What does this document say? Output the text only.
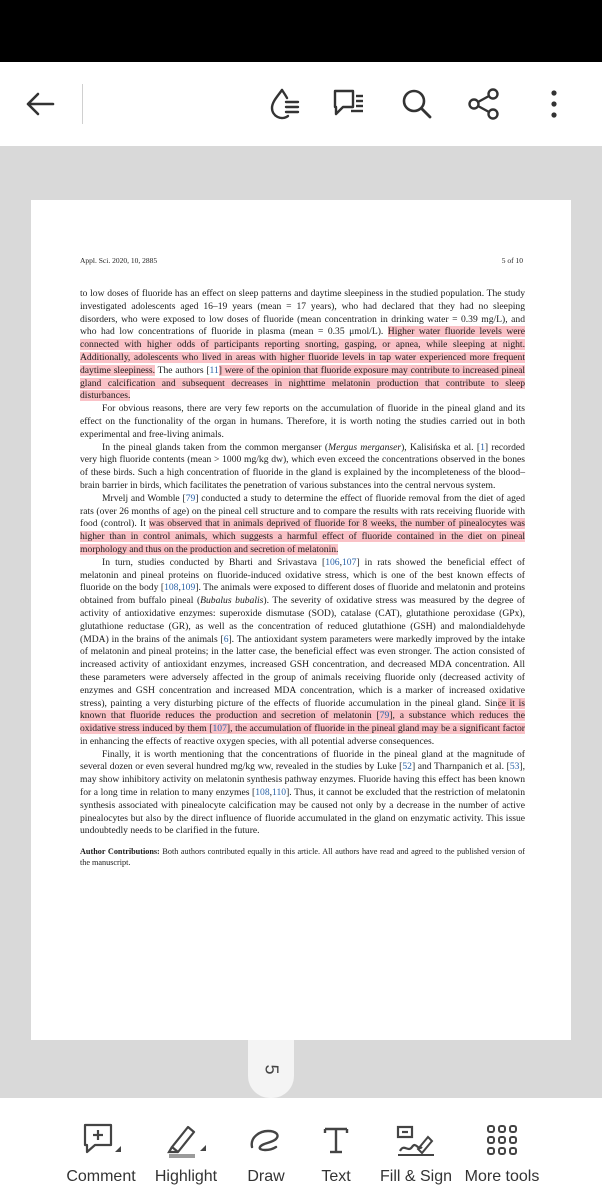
Appl. Sci. 2020, 10, 2885	5 of 10

to low doses of fluoride has an effect on sleep patterns and daytime sleepiness in the studied population. The study investigated adolescents aged 16–19 years (mean = 17 years), who had declared that they had no sleeping disorders, who were exposed to low doses of fluoride (mean concentration in drinking water = 0.39 mg/L), and who had low concentrations of fluoride in plasma (mean = 0.35 μmol/L). Higher water fluoride levels were connected with higher odds of participants reporting snorting, gasping, or apnea, while sleeping at night. Additionally, adolescents who lived in areas with higher fluoride levels in tap water experienced more frequent daytime sleepiness. The authors [11] were of the opinion that fluoride exposure may contribute to increased pineal gland calcification and subsequent decreases in nighttime melatonin production that contribute to sleep disturbances.

For obvious reasons, there are very few reports on the accumulation of fluoride in the pineal gland and its effect on the functionality of the organ in humans. Therefore, it is worth noting the studies carried out in both experimental and free-living animals.

In the pineal glands taken from the common merganser (Mergus merganser), Kalisińska et al. [1] recorded very high fluoride contents (mean > 1000 mg/kg dw), which even exceed the concentrations observed in the bones of these birds. Such a high concentration of fluoride in the gland is explained by the incompleteness of the blood–brain barrier in birds, which facilitates the penetration of various substances into the central nervous system.

Mrvelj and Womble [79] conducted a study to determine the effect of fluoride removal from the diet of aged rats (over 26 months of age) on the pineal cell structure and to compare the results with rats receiving fluoride with food (control). It was observed that in animals deprived of fluoride for 8 weeks, the number of pinealocytes was higher than in control animals, which suggests a harmful effect of fluoride contained in the diet on pineal morphology and thus on the production and secretion of melatonin.

In turn, studies conducted by Bharti and Srivastava [106,107] in rats showed the beneficial effect of melatonin and pineal proteins on fluoride-induced oxidative stress, which is one of the best known effects of fluoride on the body [108,109]. The animals were exposed to different doses of fluoride and melatonin and proteins obtained from buffalo pineal (Bubalus bubalis). The severity of oxidative stress was measured by the degree of activity of antioxidative enzymes: superoxide dismutase (SOD), catalase (CAT), glutathione peroxidase (GPx), glutathione reductase (GR), as well as the concentration of reduced glutathione (GSH) and malondialdehyde (MDA) in the brains of the animals [6]. The antioxidant system parameters were markedly improved by the intake of melatonin and pineal proteins; in the latter case, the beneficial effect was even stronger. The action consisted of increased activity of antioxidant enzymes, increased GSH concentration, and decreased MDA concentration. All these parameters were adversely affected in the group of animals receiving fluoride only (decreased activity of enzymes and GSH concentration and increased MDA concentration, which is a marker of increased oxidative stress), painting a very disturbing picture of the effects of fluoride accumulation in the pineal gland. Since it is known that fluoride reduces the production and secretion of melatonin [79], a substance which reduces the oxidative stress induced by them [107], the accumulation of fluoride in the pineal gland may be a significant factor in enhancing the effects of reactive oxygen species, with all potential adverse consequences.

Finally, it is worth mentioning that the concentrations of fluoride in the pineal gland at the magnitude of several dozen or even several hundred mg/kg ww, revealed in the studies by Luke [52] and Tharnpanich et al. [53], may show inhibitory activity on melatonin synthesis pathway enzymes. Fluoride having this effect has been known for a long time in relation to many enzymes [108,110]. Thus, it cannot be excluded that the restriction of melatonin synthesis associated with pinealocyte calcification may be caused not only by a decrease in the number of active pinealocytes but also by the direct influence of fluoride accumulated in the gland on enzymatic activity. This issue undoubtedly needs to be clarified in the future.

Author Contributions: Both authors contributed equally in this article. All authors have read and agreed to the published version of the manuscript.

5
Comment Highlight	Draw	Text	Fill & Sign More tools
